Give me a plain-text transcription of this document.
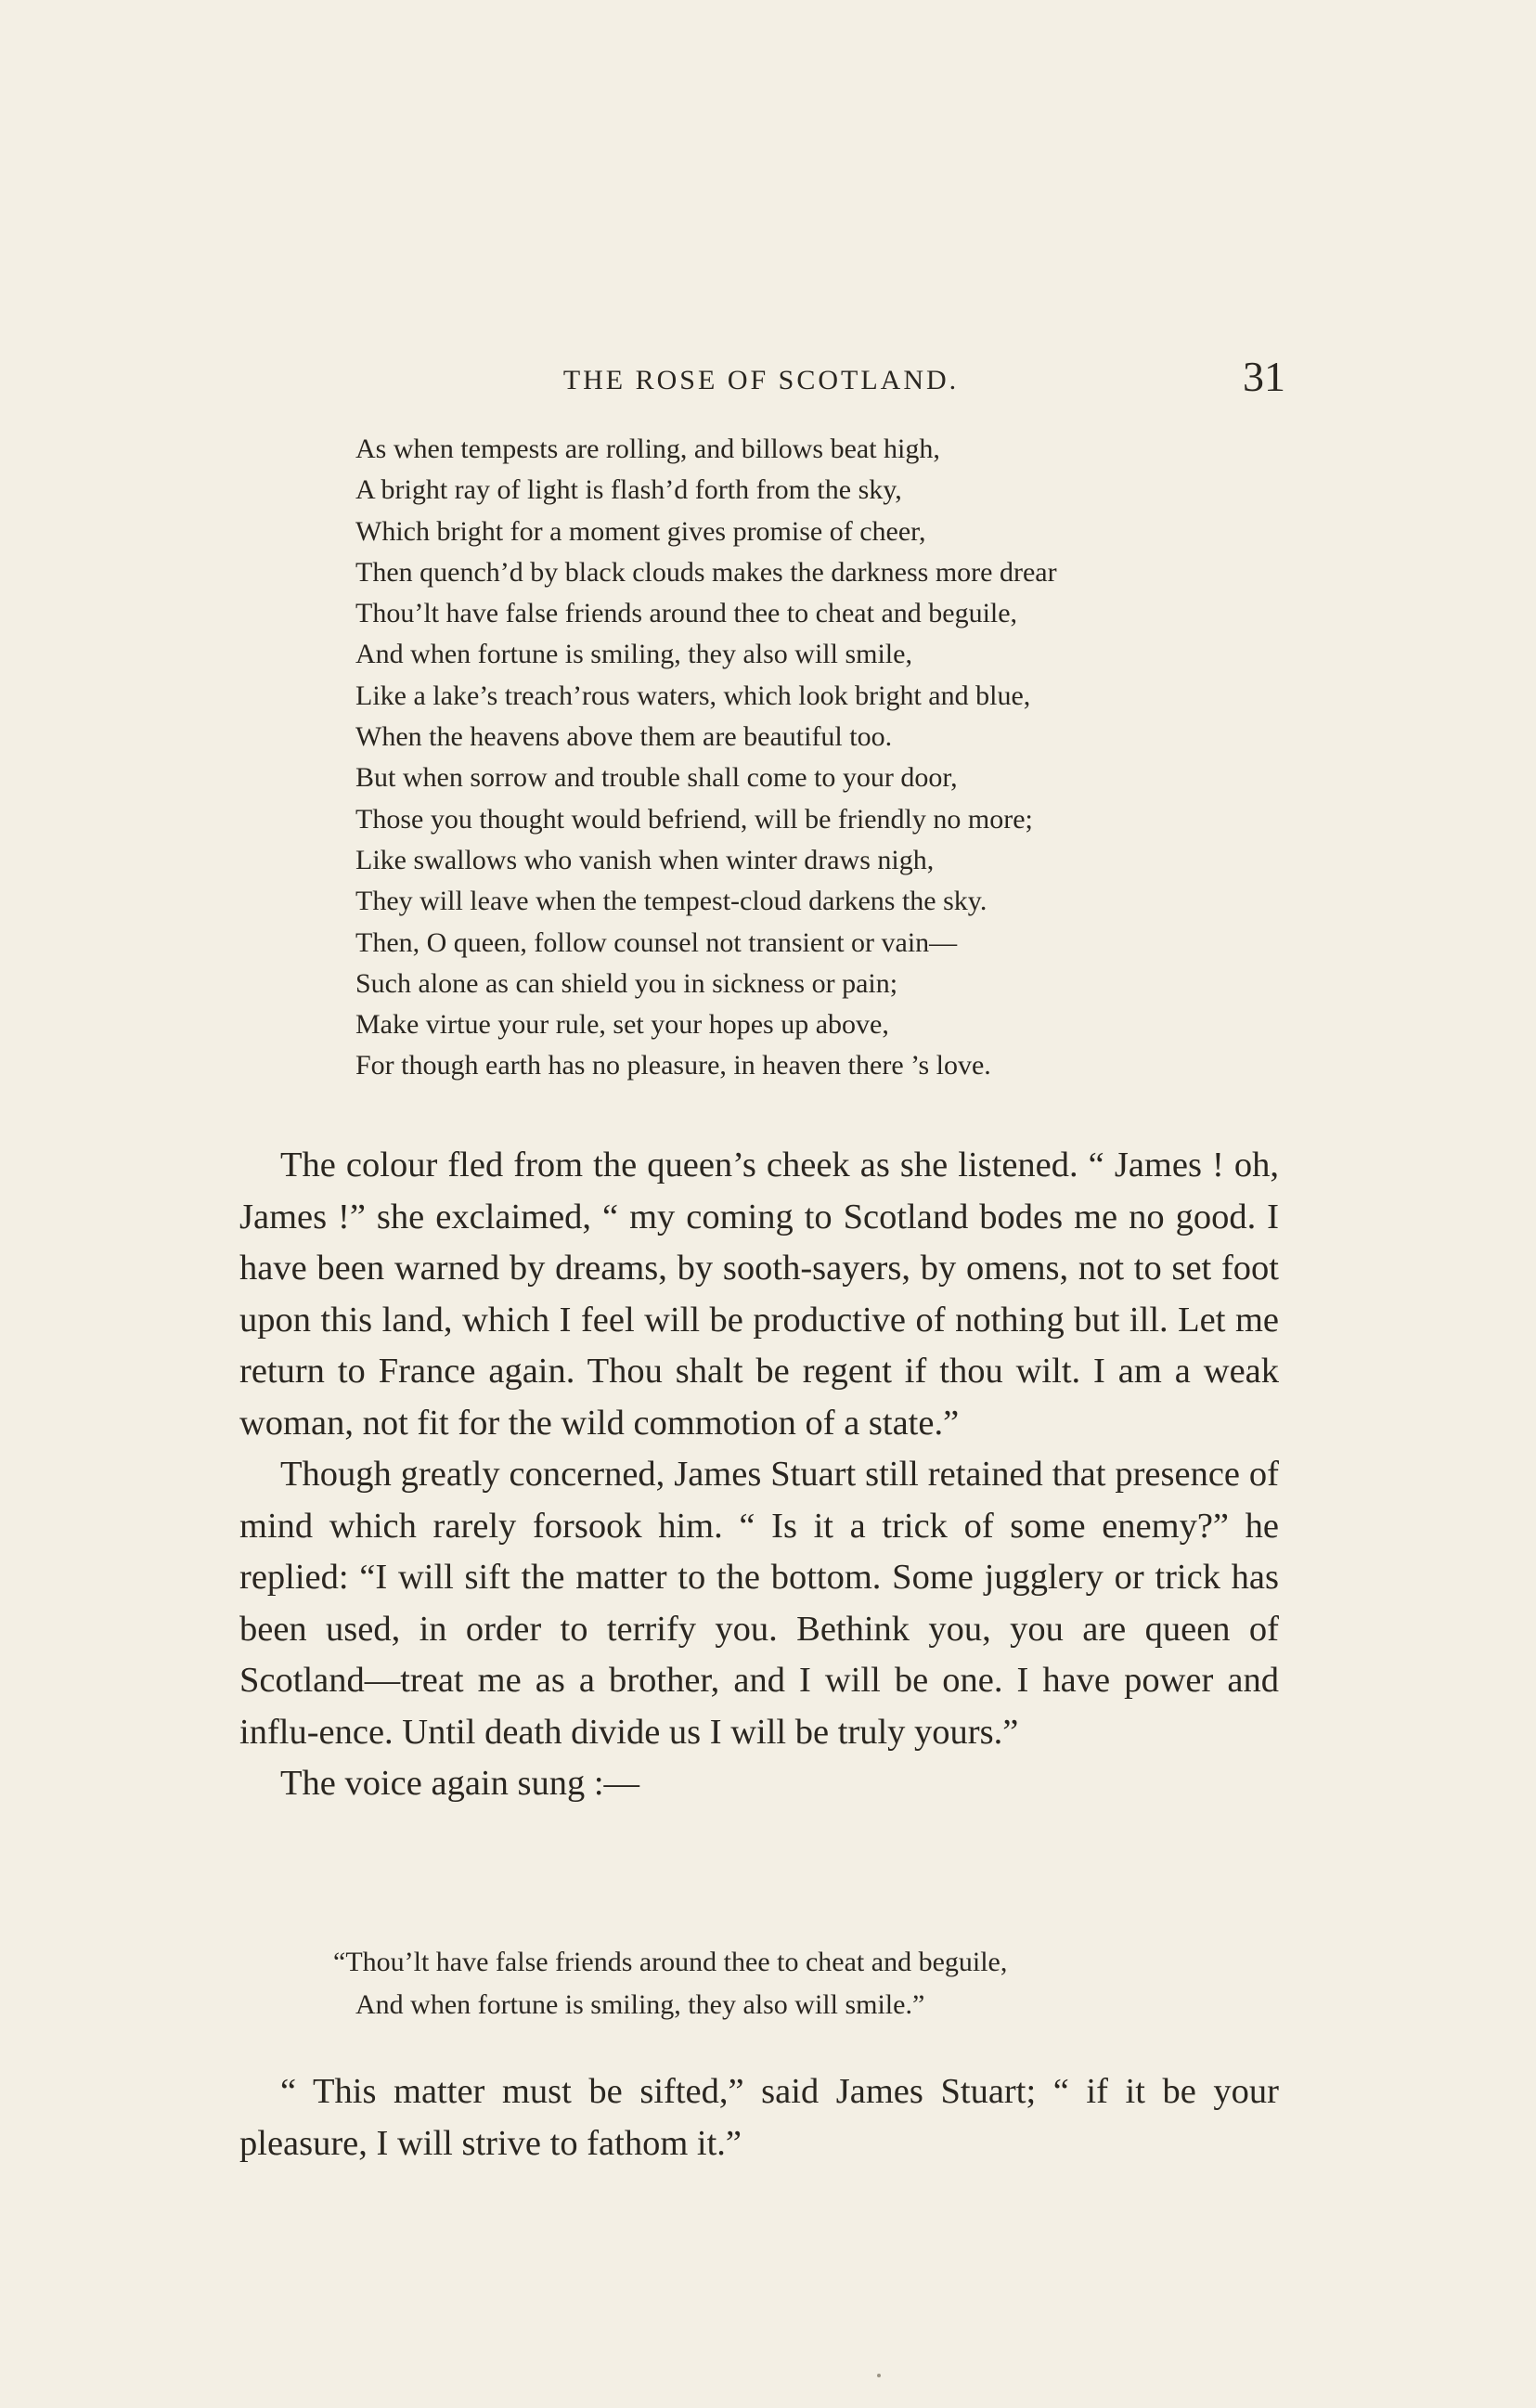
THE ROSE OF SCOTLAND.	31
As when tempests are rolling, and billows beat high,
A bright ray of light is flash’d forth from the sky,
Which bright for a moment gives promise of cheer,
Then quench’d by black clouds makes the darkness more drear
Thou’lt have false friends around thee to cheat and beguile,
And when fortune is smiling, they also will smile,
Like a lake’s treach’rous waters, which look bright and blue,
When the heavens above them are beautiful too.
But when sorrow and trouble shall come to your door,
Those you thought would befriend, will be friendly no more;
Like swallows who vanish when winter draws nigh,
They will leave when the tempest-cloud darkens the sky.
Then, O queen, follow counsel not transient or vain—
Such alone as can shield you in sickness or pain;
Make virtue your rule, set your hopes up above,
For though earth has no pleasure, in heaven there ’s love.

The colour fled from the queen’s cheek as she listened. “ James ! oh, James !” she exclaimed, “ my coming to Scotland bodes me no good. I have been warned by dreams, by sooth-sayers, by omens, not to set foot upon this land, which I feel will be productive of nothing but ill. Let me return to France again. Thou shalt be regent if thou wilt. I am a weak woman, not fit for the wild commotion of a state.”

Though greatly concerned, James Stuart still retained that presence of mind which rarely forsook him. “ Is it a trick of some enemy?” he replied: “I will sift the matter to the bottom. Some jugglery or trick has been used, in order to terrify you. Bethink you, you are queen of Scotland—treat me as a brother, and I will be one. I have power and influ-ence. Until death divide us I will be truly yours.”

The voice again sung :—

“Thou’lt have false friends around thee to cheat and beguile,
And when fortune is smiling, they also will smile.”

“ This matter must be sifted,” said James Stuart; “ if it be your pleasure, I will strive to fathom it.”
